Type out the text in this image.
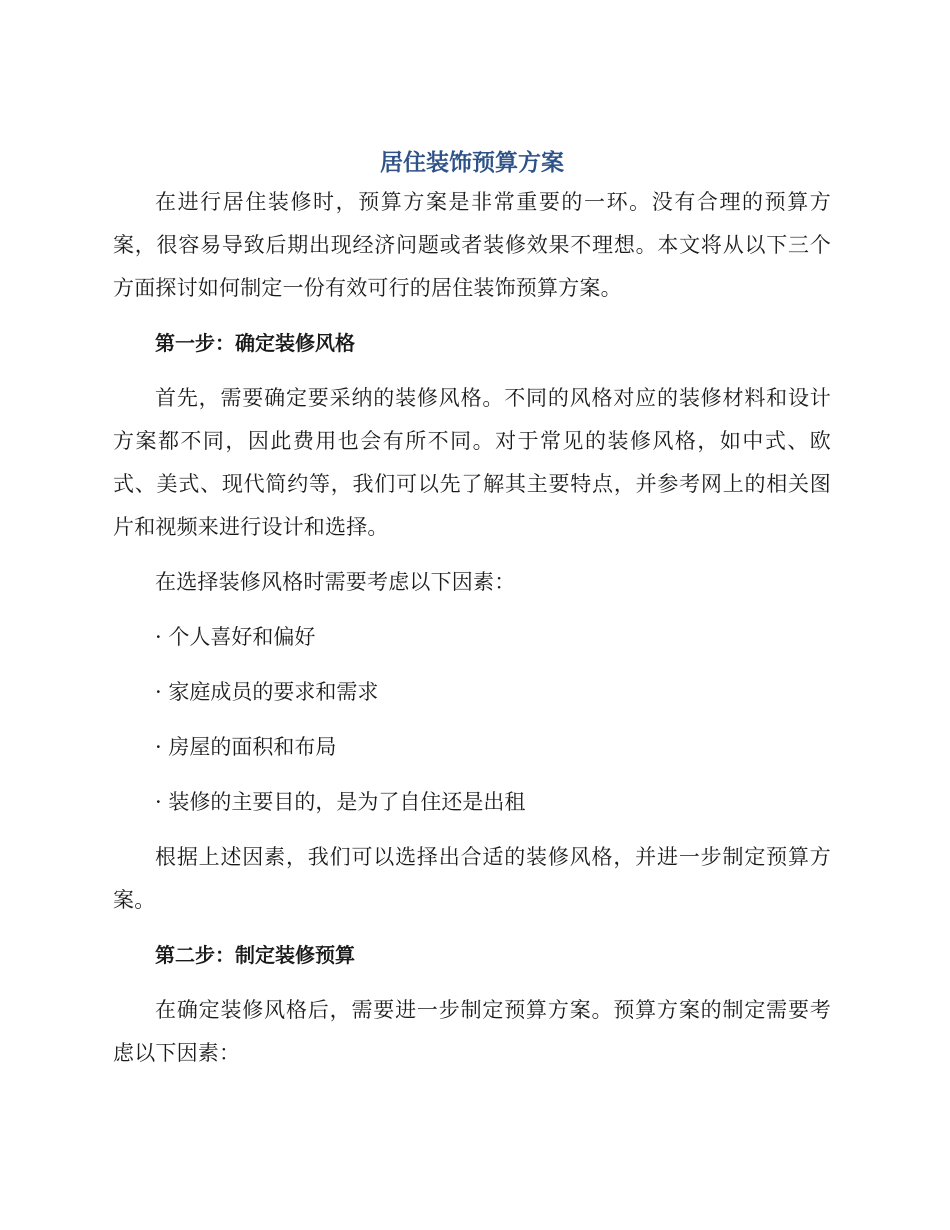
居住装饰预算方案

在进行居住装修时，预算方案是非常重要的一环。没有合理的预算方案，很容易导致后期出现经济问题或者装修效果不理想。本文将从以下三个方面探讨如何制定一份有效可行的居住装饰预算方案。

第一步：确定装修风格

首先，需要确定要采纳的装修风格。不同的风格对应的装修材料和设计方案都不同，因此费用也会有所不同。对于常见的装修风格，如中式、欧式、美式、现代简约等，我们可以先了解其主要特点，并参考网上的相关图片和视频来进行设计和选择。

在选择装修风格时需要考虑以下因素：

· 个人喜好和偏好

· 家庭成员的要求和需求

· 房屋的面积和布局

· 装修的主要目的，是为了自住还是出租

根据上述因素，我们可以选择出合适的装修风格，并进一步制定预算方案。

第二步：制定装修预算

在确定装修风格后，需要进一步制定预算方案。预算方案的制定需要考虑以下因素：
